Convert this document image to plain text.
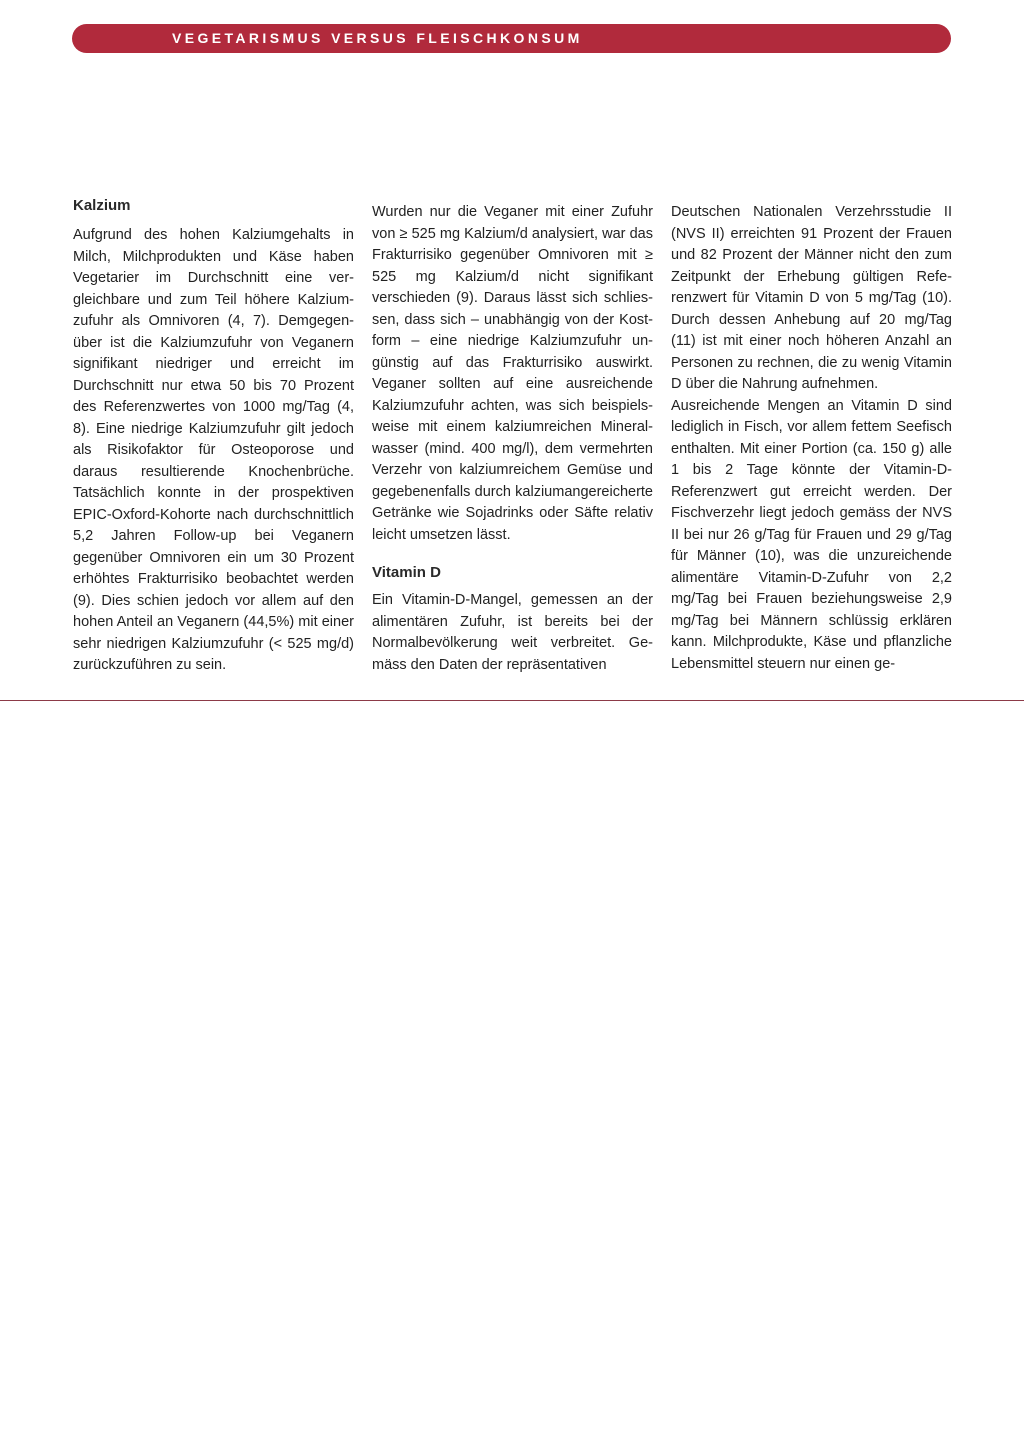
VEGETARISMUS VERSUS FLEISCHKONSUM
Kalzium

Aufgrund des hohen Kalziumgehalts in Milch, Milchprodukten und Käse haben Vegetarier im Durchschnitt eine vergleichbare und zum Teil höhere Kalziumzufuhr als Omnivoren (4, 7). Demgegenüber ist die Kalziumzufuhr von Veganern signifikant niedriger und erreicht im Durchschnitt nur etwa 50 bis 70 Prozent des Referenzwertes von 1000 mg/Tag (4, 8). Eine niedrige Kalziumzufuhr gilt jedoch als Risikofaktor für Osteoporose und daraus resultierende Knochenbrüche. Tatsächlich konnte in der prospektiven EPIC-Oxford-Kohorte nach durchschnittlich 5,2 Jahren Follow-up bei Veganern gegenüber Omnivoren ein um 30 Prozent erhöhtes Frakturrisiko beobachtet werden (9). Dies schien jedoch vor allem auf den hohen Anteil an Veganern (44,5%) mit einer sehr niedrigen Kalziumzufuhr (< 525 mg/d) zurückzuführen zu sein.

Wurden nur die Veganer mit einer Zufuhr von ≥ 525 mg Kalzium/d analysiert, war das Frakturrisiko gegenüber Omnivoren mit ≥ 525 mg Kalzium/d nicht signifikant verschieden (9). Daraus lässt sich schliessen, dass sich – unabhängig von der Kostform – eine niedrige Kalziumzufuhr ungünstig auf das Frakturrisiko auswirkt. Veganer sollten auf eine ausreichende Kalziumzufuhr achten, was sich beispielsweise mit einem kalziumreichen Mineralwasser (mind. 400 mg/l), dem vermehrten Verzehr von kalziumreichem Gemüse und gegebenenfalls durch kalziumangereicherte Getränke wie Sojadrinks oder Säfte relativ leicht umsetzen lässt.

Vitamin D

Ein Vitamin-D-Mangel, gemessen an der alimentären Zufuhr, ist bereits bei der Normalbevölkerung weit verbreitet. Gemäss den Daten der repräsentativen

Deutschen Nationalen Verzehrsstudie II (NVS II) erreichten 91 Prozent der Frauen und 82 Prozent der Männer nicht den zum Zeitpunkt der Erhebung gültigen Referenzwert für Vitamin D von 5 mg/Tag (10). Durch dessen Anhebung auf 20 mg/Tag (11) ist mit einer noch höheren Anzahl an Personen zu rechnen, die zu wenig Vitamin D über die Nahrung aufnehmen.

Ausreichende Mengen an Vitamin D sind lediglich in Fisch, vor allem fettem Seefisch enthalten. Mit einer Portion (ca. 150 g) alle 1 bis 2 Tage könnte der Vitamin-D-Referenzwert gut erreicht werden. Der Fischverzehr liegt jedoch gemäss der NVS II bei nur 26 g/Tag für Frauen und 29 g/Tag für Männer (10), was die unzureichende alimentäre Vitamin-D-Zufuhr von 2,2 mg/Tag bei Frauen beziehungsweise 2,9 mg/Tag bei Männern schlüssig erklären kann. Milchprodukte, Käse und pflanzliche Lebensmittel steuern nur einen ge-
